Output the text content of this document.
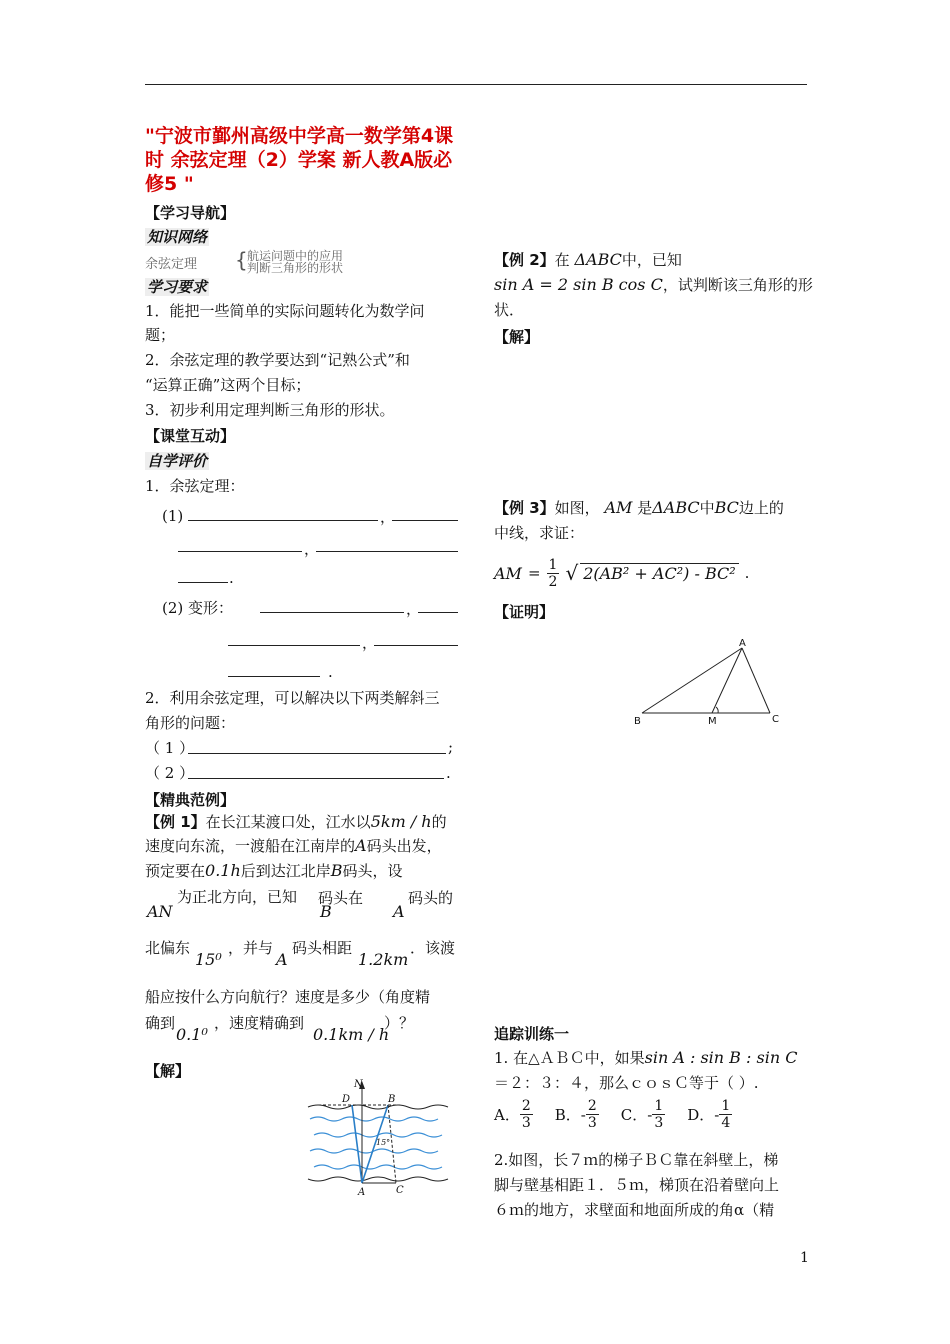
"宁波市鄞州高级中学高一数学第4课时 余弦定理（2）学案 新人教A版必修5 "
【学习导航】
知识网络
余弦定理 { 航运问题中的应用
判断三角形的形状
学习要求
1．能把一些简单的实际问题转化为数学问
题；
2．余弦定理的教学要达到“记熟公式”和
“运算正确”这两个目标；
3．初步利用定理判断三角形的形状。
【课堂互动】
自学评价
1．余弦定理：
(1)	，
，
.
(2) 变形：	，
，
.
2．利用余弦定理，可以解决以下两类解斜三
角形的问题：
（ 1 ）	;
（ 2 ）	.
【精典范例】
【例 1】在长江某渡口处，江水以5km / h的
速度向东流，一渡船在江南岸的A码头出发，
预定要在0.1h后到达江北岸B码头，设
为正北方向，已知 码头在	码头的
AN	B	A
北偏东
15⁰
，并与
A
码头相距
1.2km
．该渡
船应按什么方向航行？速度是多少（角度精
确到
0.1⁰
，速度精确到
0.1km / h
）？
【解】
N
D	B
A	C
15°
【例 2】在 ΔABC中，已知
sin A = 2 sin B cos C，试判断该三角形的形
状．
【解】
【例 3】如图， AM 是ΔABC中BC边上的
中线，求证：
AM = $\frac{1}{2}$ √ 2(AB² + AC²) - BC² .
【证明】
A
B	M	C
追踪训练一
1. 在△ＡＢＣ中，如果sin A : sin B : sin C
＝２：３：４，那么ｃｏｓＣ等于（ ）.
A． $\frac{2}{3}$ B．- $\frac{2}{3}$ C．- $\frac{1}{3}$ D．- $\frac{1}{4}$
2.如图，长７ｍ的梯子ＢＣ靠在斜壁上，梯
脚与壁基相距１．５ｍ，梯顶在沿着壁向上
６ｍ的地方，求壁面和地面所成的角α（精
1
